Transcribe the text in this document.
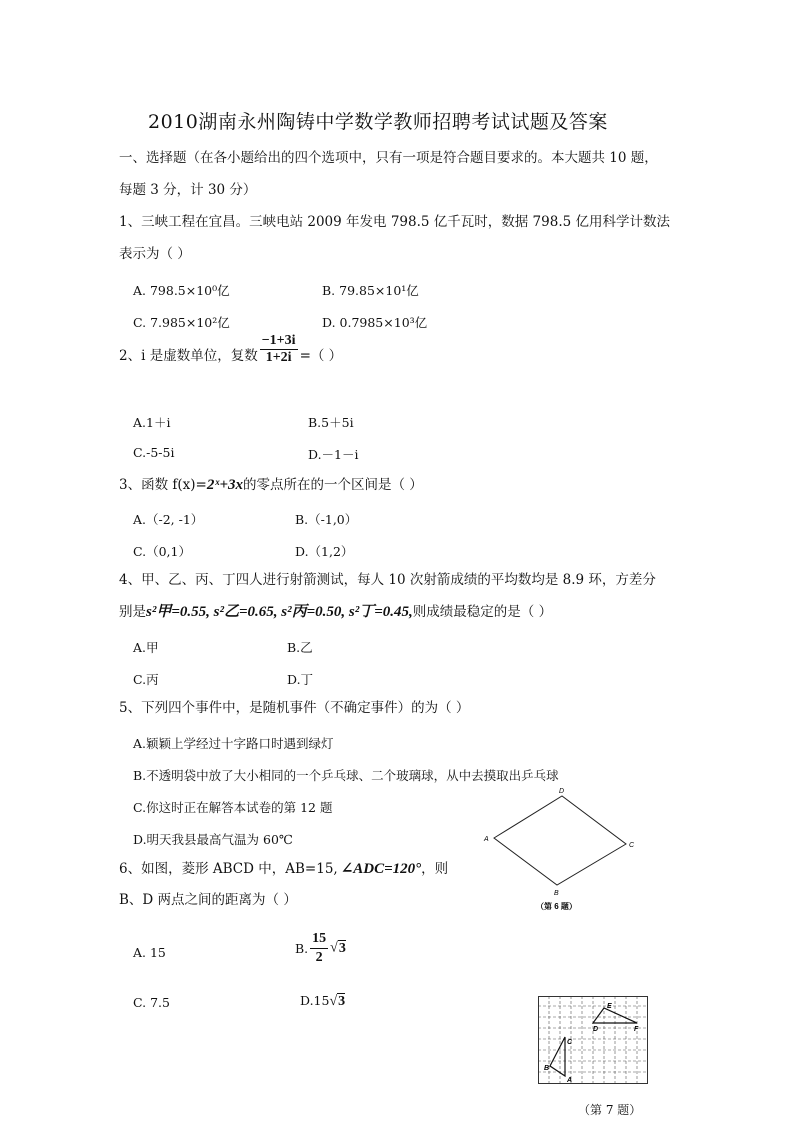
2010湖南永州陶铸中学数学教师招聘考试试题及答案
一、选择题（在各小题给出的四个选项中，只有一项是符合题目要求的。本大题共 10 题，
每题 3 分，计 30 分）
1、三峡工程在宜昌。三峡电站 2009 年发电 798.5 亿千瓦时，数据 798.5 亿用科学计数法
表示为（ ）
A. 798.5×10⁰亿	B. 79.85×10¹亿
C. 7.985×10²亿	D. 0.7985×10³亿
2、i 是虚数单位，复数 $\frac{-1+3i}{1+2i}$ =（ ）
A.1＋i	B.5＋5i
C.-5-5i	D.－1－i
3、函数 f(x)=2ˣ+3x的零点所在的一个区间是（ ）
A.（-2, -1）	B.（-1,0）
C.（0,1）	D.（1,2）
4、甲、乙、丙、丁四人进行射箭测试，每人 10 次射箭成绩的平均数均是 8.9 环，方差分
别是s²甲=0.55, s²乙=0.65, s²丙=0.50, s²丁=0.45,则成绩最稳定的是（ ）
A.甲	B.乙
C.丙	D.丁
5、下列四个事件中，是随机事件（不确定事件）的为（ ）
A.颖颖上学经过十字路口时遇到绿灯
B.不透明袋中放了大小相同的一个乒乓球、二个玻璃球，从中去摸取出乒乓球
C.你这时正在解答本试卷的第 12 题
D.明天我县最高气温为 60℃
6、如图，菱形 ABCD 中，AB=15, ∠ADC=120°，则
B、D 两点之间的距离为（ ）
A. 15	B. $\frac{15}{2} √3$
C. 7.5	D.15√3
A
B
C
D
（第 6 题）
E
D	F
C
B
A
（第 7 题）
